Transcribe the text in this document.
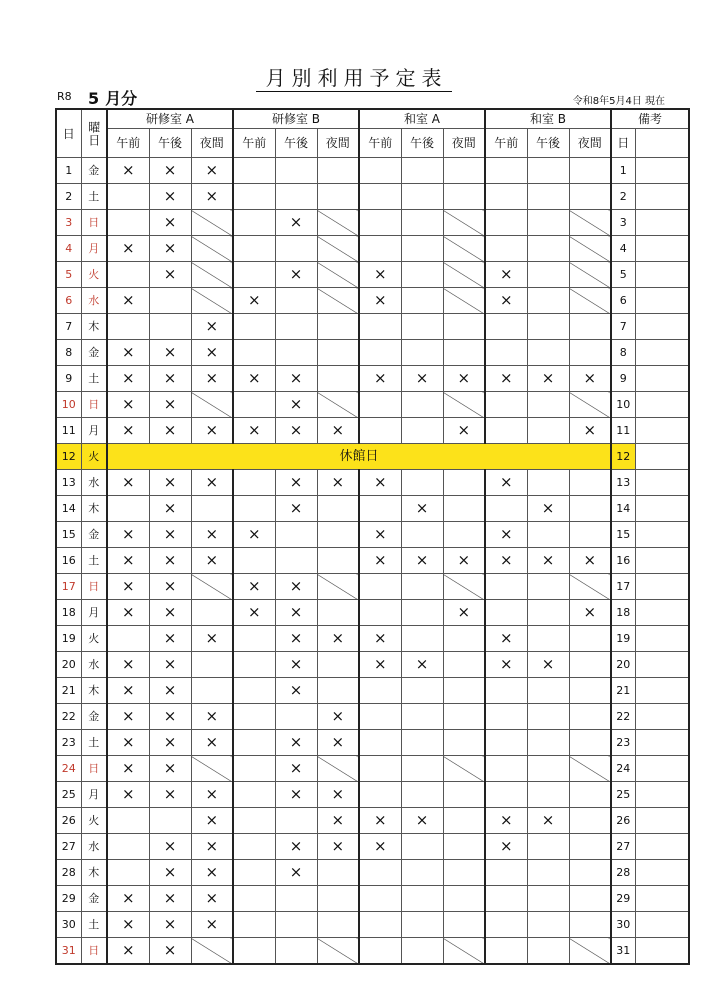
月別利用予定表
R8 5 月分	令和8年5月4日 現在
日	曜日	研修室 A			研修室 B			和室 A			和室 B			備考	
		午前	午後	夜間	午前	午後	夜間	午前	午後	夜間	午前	午後	夜間	日	
1	金	×	×	×										1	
2	土		×	×										2	
3	日		×			×								3	
4	月	×	×											4	
5	火		×			×		×			×			5	
6	水	×			×			×			×			6	
7	木			×										7	
8	金	×	×	×										8	
9	土	×	×	×	×	×		×	×	×	×	×	×	9	
10	日	×	×			×								10	
11	月	×	×	×	×	×	×			×			×	11	
12	火	休館日												12	
13	水	×	×	×		×	×	×			×			13	
14	木		×			×			×			×		14	
15	金	×	×	×	×			×			×			15	
16	土	×	×	×				×	×	×	×	×	×	16	
17	日	×	×		×	×								17	
18	月	×	×		×	×				×			×	18	
19	火		×	×		×	×	×			×			19	
20	水	×	×			×		×	×		×	×		20	
21	木	×	×			×								21	
22	金	×	×	×			×							22	
23	土	×	×	×		×	×							23	
24	日	×	×			×								24	
25	月	×	×	×		×	×							25	
26	火			×			×	×	×		×	×		26	
27	水		×	×		×	×	×			×			27	
28	木		×	×		×								28	
29	金	×	×	×										29	
30	土	×	×	×										30	
31	日	×	×											31	
